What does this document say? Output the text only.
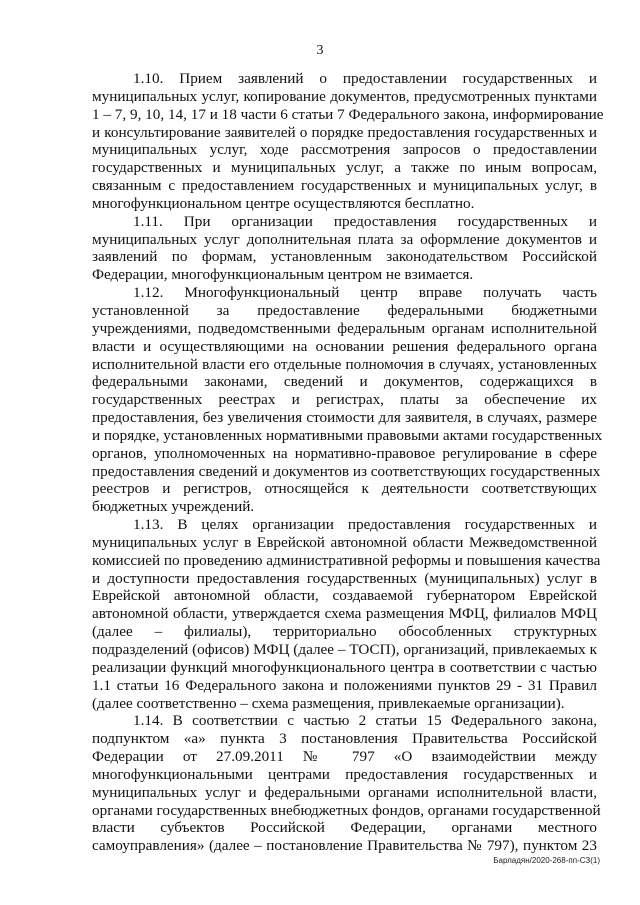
3
1.10. Прием заявлений о предоставлении государственных и
муниципальных услуг, копирование документов, предусмотренных пунктами
1 – 7, 9, 10, 14, 17 и 18 части 6 статьи 7 Федерального закона, информирование
и консультирование заявителей о порядке предоставления государственных и
муниципальных услуг, ходе рассмотрения запросов о предоставлении
государственных и муниципальных услуг, а также по иным вопросам,
связанным с предоставлением государственных и муниципальных услуг, в
многофункциональном центре осуществляются бесплатно.
1.11. При организации предоставления государственных и
муниципальных услуг дополнительная плата за оформление документов и
заявлений по формам, установленным законодательством Российской
Федерации, многофункциональным центром не взимается.
1.12. Многофункциональный центр вправе получать часть
установленной за предоставление федеральными бюджетными
учреждениями, подведомственными федеральным органам исполнительной
власти и осуществляющими на основании решения федерального органа
исполнительной власти его отдельные полномочия в случаях, установленных
федеральными законами, сведений и документов, содержащихся в
государственных реестрах и регистрах, платы за обеспечение их
предоставления, без увеличения стоимости для заявителя, в случаях, размере
и порядке, установленных нормативными правовыми актами государственных
органов, уполномоченных на нормативно-правовое регулирование в сфере
предоставления сведений и документов из соответствующих государственных
реестров и регистров, относящейся к деятельности соответствующих
бюджетных учреждений.
1.13. В целях организации предоставления государственных и
муниципальных услуг в Еврейской автономной области Межведомственной
комиссией по проведению административной реформы и повышения качества
и доступности предоставления государственных (муниципальных) услуг в
Еврейской автономной области, создаваемой губернатором Еврейской
автономной области, утверждается схема размещения МФЦ, филиалов МФЦ
(далее – филиалы), территориально обособленных структурных
подразделений (офисов) МФЦ (далее – ТОСП), организаций, привлекаемых к
реализации функций многофункционального центра в соответствии с частью
1.1 статьи 16 Федерального закона и положениями пунктов 29 - 31 Правил
(далее соответственно – схема размещения, привлекаемые организации).
1.14. В соответствии с частью 2 статьи 15 Федерального закона,
подпунктом «а» пункта 3 постановления Правительства Российской
Федерации от 27.09.2011 № 797 «О взаимодействии между
многофункциональными центрами предоставления государственных и
муниципальных услуг и федеральными органами исполнительной власти,
органами государственных внебюджетных фондов, органами государственной
власти субъектов Российской Федерации, органами местного
самоуправления» (далее – постановление Правительства № 797), пунктом 23
Барладян/2020-268-пп-СЗ(1)
